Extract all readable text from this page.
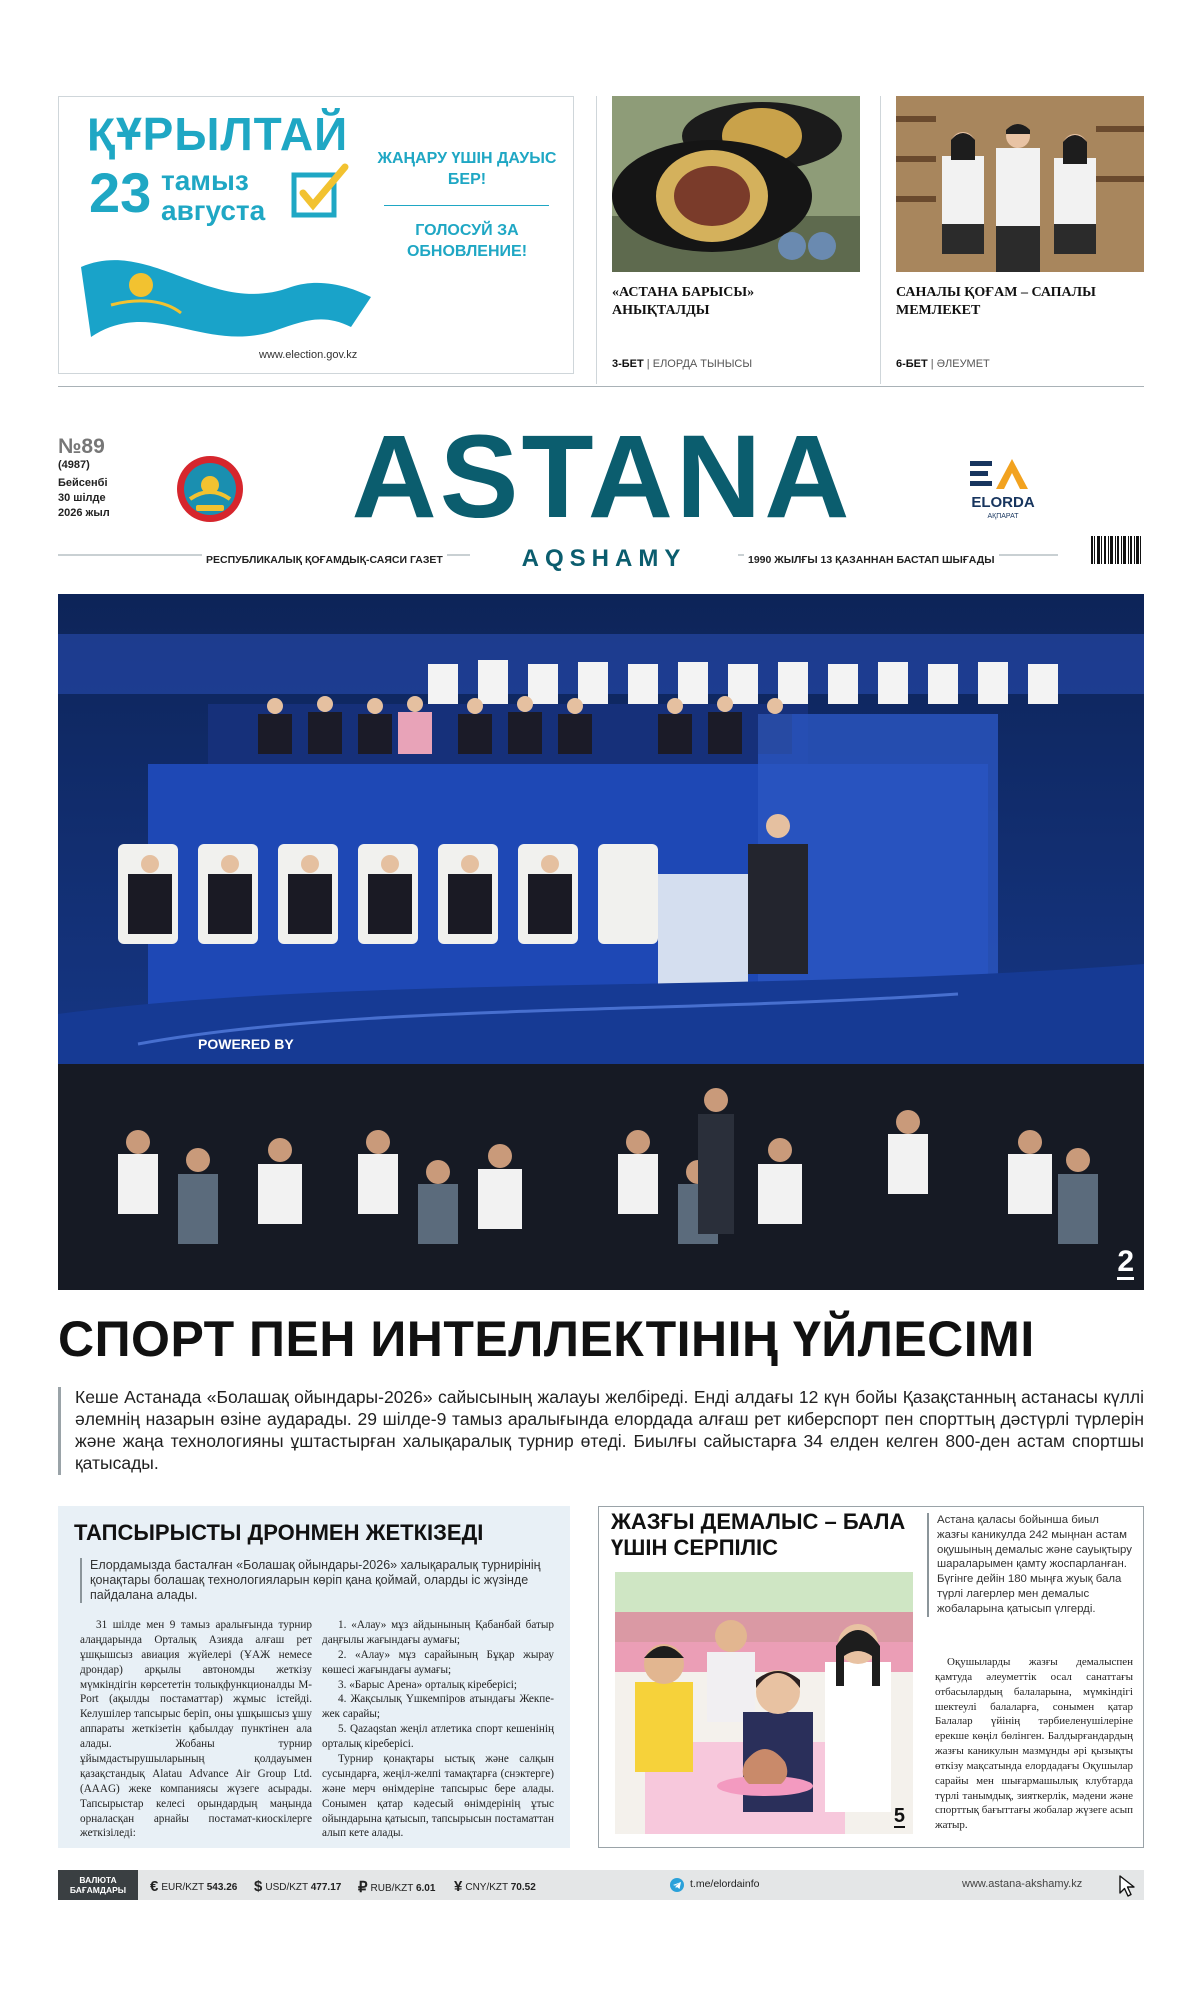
ҚҰРЫЛТАЙ
23 тамыз
августа
ЖАҢАРУ ҮШІН ДАУЫС БЕР!
ГОЛОСУЙ ЗА ОБНОВЛЕНИЕ!
www.election.gov.kz
«АСТАНА БАРЫСЫ» АНЫҚТАЛДЫ
3-БЕТ | ЕЛОРДА ТЫНЫСЫ
САНАЛЫ ҚОҒАМ – САПАЛЫ МЕМЛЕКЕТ
6-БЕТ | ӘЛЕУМЕТ
№89
(4987)
Бейсенбі
30 шілде
2026 жыл	ASTANA
AQSHAMY
ELORDA
АҚПАРАТ
РЕСПУБЛИКАЛЫҚ ҚОҒАМДЫҚ-САЯСИ ГАЗЕТ	1990 ЖЫЛҒЫ 13 ҚАЗАННАН БАСТАП ШЫҒАДЫ
POWERED BY
2
СПОРТ ПЕН ИНТЕЛЛЕКТІНІҢ ҮЙЛЕСІМІ
Кеше Астанада «Болашақ ойындары-2026» сайысының жалауы желбіреді. Енді алдағы 12 күн бойы Қазақстанның астанасы күллі әлемнің назарын өзіне аударады. 29 шілде-9 тамыз аралығында елордада алғаш рет киберспорт пен спорттың дәстүрлі түрлерін және жаңа технологияны ұштастырған халықаралық турнир өтеді. Биылғы сайыстарға 34 елден келген 800-ден астам спортшы қатысады.
ТАПСЫРЫСТЫ ДРОНМЕН ЖЕТКІЗЕДІ
Елордамызда басталған «Болашақ ойындары-2026» халықаралық турнирінің қонақтары болашақ технологияларын көріп қана қоймай, оларды іс жүзінде пайдалана алады.

31 шілде мен 9 тамыз аралығында турнир алаңдарында Орталық Азияда алғаш рет ұшқышсыз авиация жүйелері (ҰАЖ немесе дрондар) арқылы автономды жеткізу мүмкіндігін көрсететін толықфункционалды M-Port (ақылды постаматтар) жұмыс істейді. Келушілер тапсырыс беріп, оны ұшқышсыз ұшу аппараты жеткізетін қабылдау пунктінен ала алады. Жобаны турнир ұйымдастырушыларының қолдауымен қазақстандық Alatau Advance Air Group Ltd. (AAAG) жеке компаниясы жүзеге асырады. Тапсырыстар келесі орындардың маңында орналасқан арнайы постамат-киоскілерге жеткізіледі:

1. «Алау» мұз айдынының Қабанбай батыр даңғылы жағындағы аумағы;

2. «Алау» мұз сарайының Бұқар жырау көшесі жағындағы аумағы;

3. «Барыс Арена» орталық кіреберісі;

4. Жақсылық Үшкемпіров атындағы Жекпе-жек сарайы;

5. Qazaqstan жеңіл атлетика спорт кешенінің орталық кіреберісі.

Турнир қонақтары ыстық және салқын сусындарға, жеңіл-желпі тамақтарға (снэктерге) және мерч өнімдеріне тапсырыс бере алады. Сонымен қатар кәдесый өнімдерінің ұтыс ойындарына қатысып, тапсырысын постаматтан алып кете алады.

ЖАЗҒЫ ДЕМАЛЫС – БАЛА ҮШІН СЕРПІЛІС
5
Астана қаласы бойынша биыл жазғы каникулда 242 мыңнан астам оқушының демалыс және сауықтыру шараларымен қамту жоспарланған. Бүгінге дейін 180 мыңға жуық бала түрлі лагерлер мен демалыс жобаларына қатысып үлгерді.

Оқушыларды жазғы демалыспен қамтуда әлеуметтік осал санаттағы отбасылардың балаларына, мүмкіндігі шектеулі балаларға, сонымен қатар Балалар үйінің тәрбиеленушілеріне ерекше көңіл бөлінген. Балдырғандардың жазғы каникулын мазмұнды әрі қызықты өткізу мақсатында елордадағы Оқушылар сарайы мен шығармашылық клубтарда түрлі танымдық, зияткерлік, мәдени және спорттық бағыттағы жобалар жүзеге асып жатыр.

ВАЛЮТА БАҒАМДАРЫ	€ EUR/KZT 543.26 $ USD/KZT 477.17 ₽ RUB/KZT 6.01 ¥ CNY/KZT 70.52	t.me/elordainfo	www.astana-akshamy.kz
